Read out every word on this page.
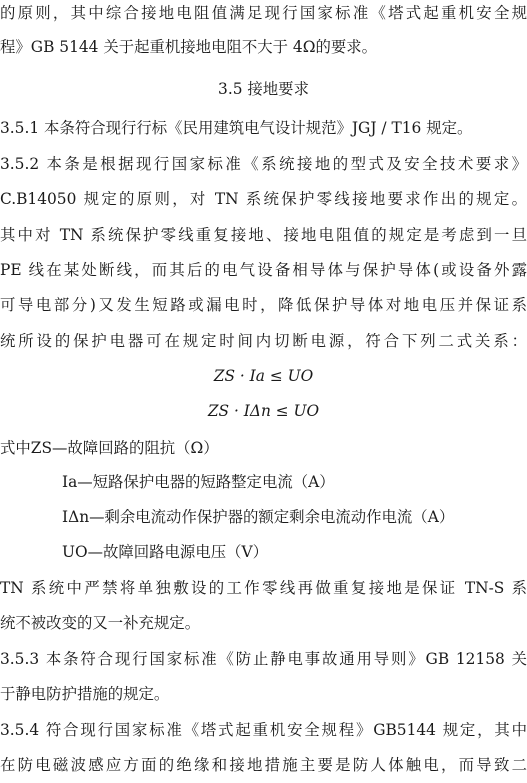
的原则，其中综合接地电阻值满足现行国家标准《塔式起重机安全规
程》GB 5144 关于起重机接地电阻不大于 4Ω的要求。
3.5 接地要求
3.5.1 本条符合现行行标《民用建筑电气设计规范》JGJ / T16 规定。
3.5.2 本条是根据现行国家标准《系统接地的型式及安全技术要求》
C.B14050 规定的原则，对 TN 系统保护零线接地要求作出的规定。
其中对 TN 系统保护零线重复接地、接地电阻值的规定是考虑到一旦
PE 线在某处断线，而其后的电气设备相导体与保护导体(或设备外露
可导电部分)又发生短路或漏电时，降低保护导体对地电压并保证系
统所设的保护电器可在规定时间内切断电源，符合下列二式关系：
ZS · Ia ≤ UO
ZS · IΔn ≤ UO
式中ZS—故障回路的阻抗（Ω）
Ia—短路保护电器的短路整定电流（A）
IΔn—剩余电流动作保护器的额定剩余电流动作电流（A）
UO—故障回路电源电压（V）
TN 系统中严禁将单独敷设的工作零线再做重复接地是保证 TN-S 系
统不被改变的又一补充规定。
3.5.3 本条符合现行国家标准《防止静电事故通用导则》GB 12158 关
于静电防护措施的规定。
3.5.4 符合现行国家标准《塔式起重机安全规程》GB5144 规定，其中
在防电磁波感应方面的绝缘和接地措施主要是防人体触电，而导致二
